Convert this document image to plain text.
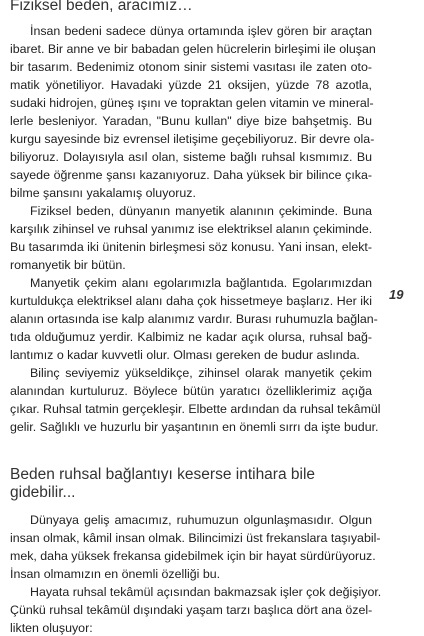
Fiziksel beden, aracımız…
İnsan bedeni sadece dünya ortamında işlev gören bir araçtan
ibaret. Bir anne ve bir babadan gelen hücrelerin birleşimi ile oluşan
bir tasarım. Bedenimiz otonom sinir sistemi vasıtası ile zaten oto-
matik yönetiliyor. Havadaki yüzde 21 oksijen, yüzde 78 azotla,
sudaki hidrojen, güneş ışını ve topraktan gelen vitamin ve mineral-
lerle besleniyor. Yaradan, "Bunu kullan" diye bize bahşetmiş. Bu
kurgu sayesinde biz evrensel iletişime geçebiliyoruz. Bir devre ola-
biliyoruz. Dolayısıyla asıl olan, sisteme bağlı ruhsal kısmımız. Bu
sayede öğrenme şansı kazanıyoruz. Daha yüksek bir bilince çıka-
bilme şansını yakalamış oluyoruz.
Fiziksel beden, dünyanın manyetik alanının çekiminde. Buna
karşılık zihinsel ve ruhsal yanımız ise elektriksel alanın çekiminde.
Bu tasarımda iki ünitenin birleşmesi söz konusu. Yani insan, elekt-
romanyetik bir bütün.
Manyetik çekim alanı egolarımızla bağlantıda. Egolarımızdan
kurtuldukça elektriksel alanı daha çok hissetmeye başlarız. Her iki
alanın ortasında ise kalp alanımız vardır. Burası ruhumuzla bağlan-
tıda olduğumuz yerdir. Kalbimiz ne kadar açık olursa, ruhsal bağ-
lantımız o kadar kuvvetli olur. Olması gereken de budur aslında.
Bilinç seviyemiz yükseldikçe, zihinsel olarak manyetik çekim
alanından kurtuluruz. Böylece bütün yaratıcı özelliklerimiz açığa
çıkar. Ruhsal tatmin gerçekleşir. Elbette ardından da ruhsal tekâmül
gelir. Sağlıklı ve huzurlu bir yaşantının en önemli sırrı da işte budur.
Beden ruhsal bağlantıyı keserse intihara bile
gidebilir...
Dünyaya geliş amacımız, ruhumuzun olgunlaşmasıdır. Olgun
insan olmak, kâmil insan olmak. Bilincimizi üst frekanslara taşıyabil-
mek, daha yüksek frekansa gidebilmek için bir hayat sürdürüyoruz.
İnsan olmamızın en önemli özelliği bu.
Hayata ruhsal tekâmül açısından bakmazsak işler çok değişiyor.
Çünkü ruhsal tekâmül dışındaki yaşam tarzı başlıca dört ana özel-
likten oluşuyor:
19
